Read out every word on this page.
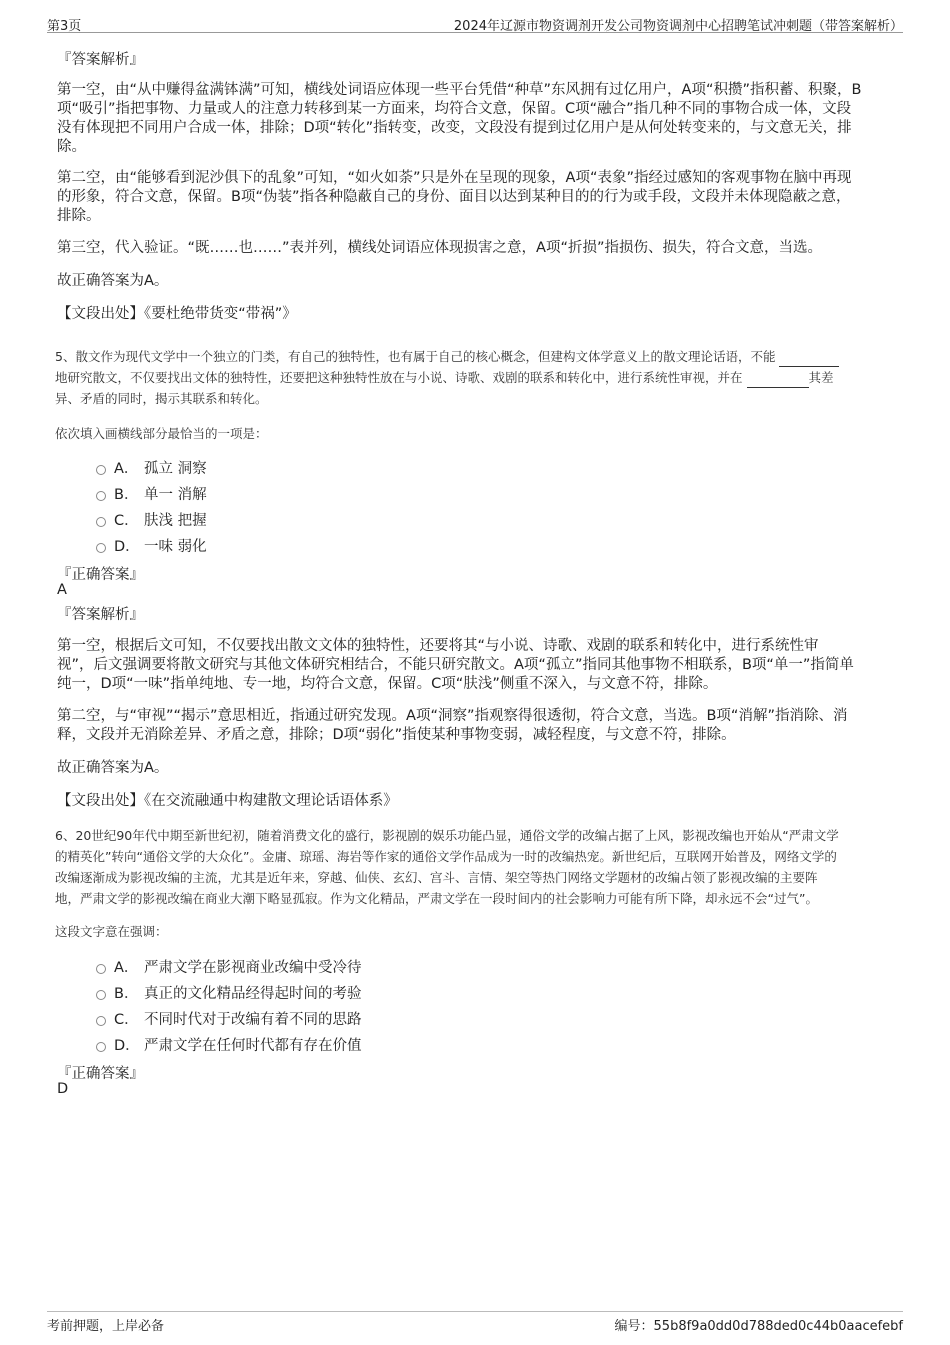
第3页	2024年辽源市物资调剂开发公司物资调剂中心招聘笔试冲刺题（带答案解析）
『答案解析』
第一空，由“从中赚得盆满钵满”可知，横线处词语应体现一些平台凭借“种草”东风拥有过亿用户，A项“积攒”指积蓄、积聚，B
项“吸引”指把事物、力量或人的注意力转移到某一方面来，均符合文意，保留。C项“融合”指几种不同的事物合成一体，文段
没有体现把不同用户合成一体，排除；D项“转化”指转变，改变，文段没有提到过亿用户是从何处转变来的，与文意无关，排
除。
第二空，由“能够看到泥沙俱下的乱象”可知，“如火如荼”只是外在呈现的现象，A项“表象”指经过感知的客观事物在脑中再现
的形象，符合文意，保留。B项“伪装”指各种隐蔽自己的身份、面目以达到某种目的的行为或手段，文段并未体现隐蔽之意，
排除。
第三空，代入验证。“既……也……”表并列，横线处词语应体现损害之意，A项“折损”指损伤、损失，符合文意，当选。
故正确答案为A。
【文段出处】《要杜绝带货变“带祸”》
5、散文作为现代文学中一个独立的门类，有自己的独特性，也有属于自己的核心概念，但建构文体学意义上的散文理论话语，不能
地研究散文，不仅要找出文体的独特性，还要把这种独特性放在与小说、诗歌、戏剧的联系和转化中，进行系统性审视，并在	其差
异、矛盾的同时，揭示其联系和转化。
依次填入画横线部分最恰当的一项是：
A． 孤立 洞察
B． 单一 消解
C． 肤浅 把握
D． 一味 弱化
『正确答案』
A
『答案解析』
第一空，根据后文可知，不仅要找出散文文体的独特性，还要将其“与小说、诗歌、戏剧的联系和转化中，进行系统性审
视”，后文强调要将散文研究与其他文体研究相结合，不能只研究散文。A项“孤立”指同其他事物不相联系，B项“单一”指简单
纯一，D项“一味”指单纯地、专一地，均符合文意，保留。C项“肤浅”侧重不深入，与文意不符，排除。
第二空，与“审视”“揭示”意思相近，指通过研究发现。A项“洞察”指观察得很透彻，符合文意，当选。B项“消解”指消除、消
释，文段并无消除差异、矛盾之意，排除；D项“弱化”指使某种事物变弱，减轻程度，与文意不符，排除。
故正确答案为A。
【文段出处】《在交流融通中构建散文理论话语体系》
6、20世纪90年代中期至新世纪初，随着消费文化的盛行，影视剧的娱乐功能凸显，通俗文学的改编占据了上风，影视改编也开始从“严肃文学
的精英化”转向“通俗文学的大众化”。金庸、琼瑶、海岩等作家的通俗文学作品成为一时的改编热宠。新世纪后，互联网开始普及，网络文学的
改编逐渐成为影视改编的主流，尤其是近年来，穿越、仙侠、玄幻、宫斗、言情、架空等热门网络文学题材的改编占领了影视改编的主要阵
地，严肃文学的影视改编在商业大潮下略显孤寂。作为文化精品，严肃文学在一段时间内的社会影响力可能有所下降，却永远不会“过气”。
这段文字意在强调：
A． 严肃文学在影视商业改编中受冷待
B． 真正的文化精品经得起时间的考验
C． 不同时代对于改编有着不同的思路
D． 严肃文学在任何时代都有存在价值
『正确答案』
D
考前押题，上岸必备	编号：55b8f9a0dd0d788ded0c44b0aacefebf
